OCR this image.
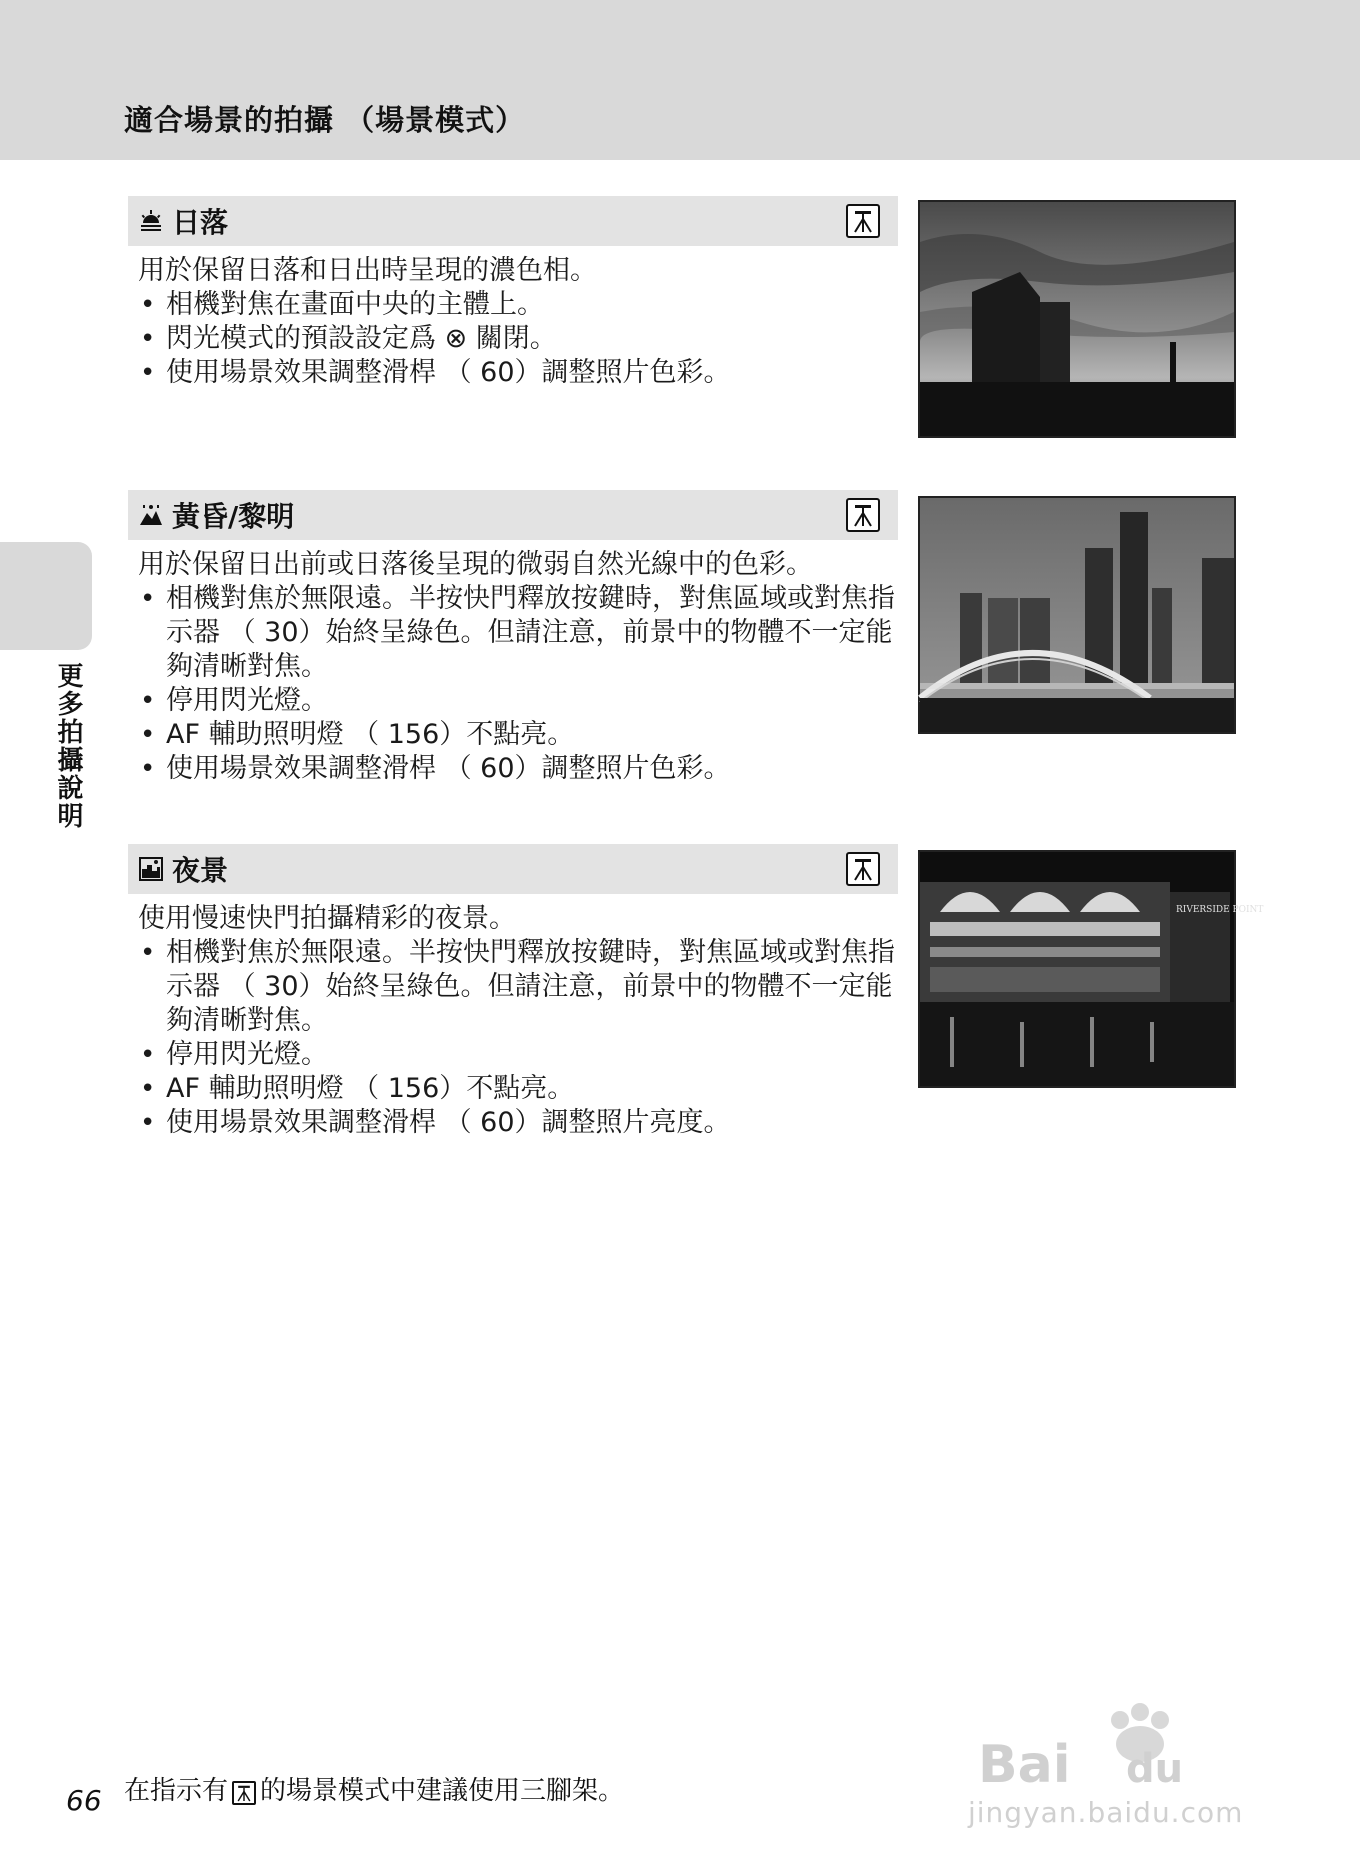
適合場景的拍攝 （場景模式）
更多拍攝說明
日落

用於保留日落和日出時呈現的濃色相。

• 相機對焦在畫面中央的主體上。
• 閃光模式的預設設定爲 ⊗ 關閉。
• 使用場景效果調整滑桿 （ 60）調整照片色彩。
黃昏/黎明

用於保留日出前或日落後呈現的微弱自然光線中的色彩。

• 相機對焦於無限遠。半按快門釋放按鍵時，對焦區域或對焦指示器 （ 30）始終呈綠色。但請注意，前景中的物體不一定能夠清晰對焦。
• 停用閃光燈。
• AF 輔助照明燈 （ 156）不點亮。
• 使用場景效果調整滑桿 （ 60）調整照片色彩。
夜景

使用慢速快門拍攝精彩的夜景。

• 相機對焦於無限遠。半按快門釋放按鍵時，對焦區域或對焦指示器 （ 30）始終呈綠色。但請注意，前景中的物體不一定能夠清晰對焦。
• 停用閃光燈。
• AF 輔助照明燈 （ 156）不點亮。
• 使用場景效果調整滑桿 （ 60）調整照片亮度。
RIVERSIDE POINT
在指示有 的場景模式中建議使用三腳架。
66
Bai du
jingyan.baidu.com
